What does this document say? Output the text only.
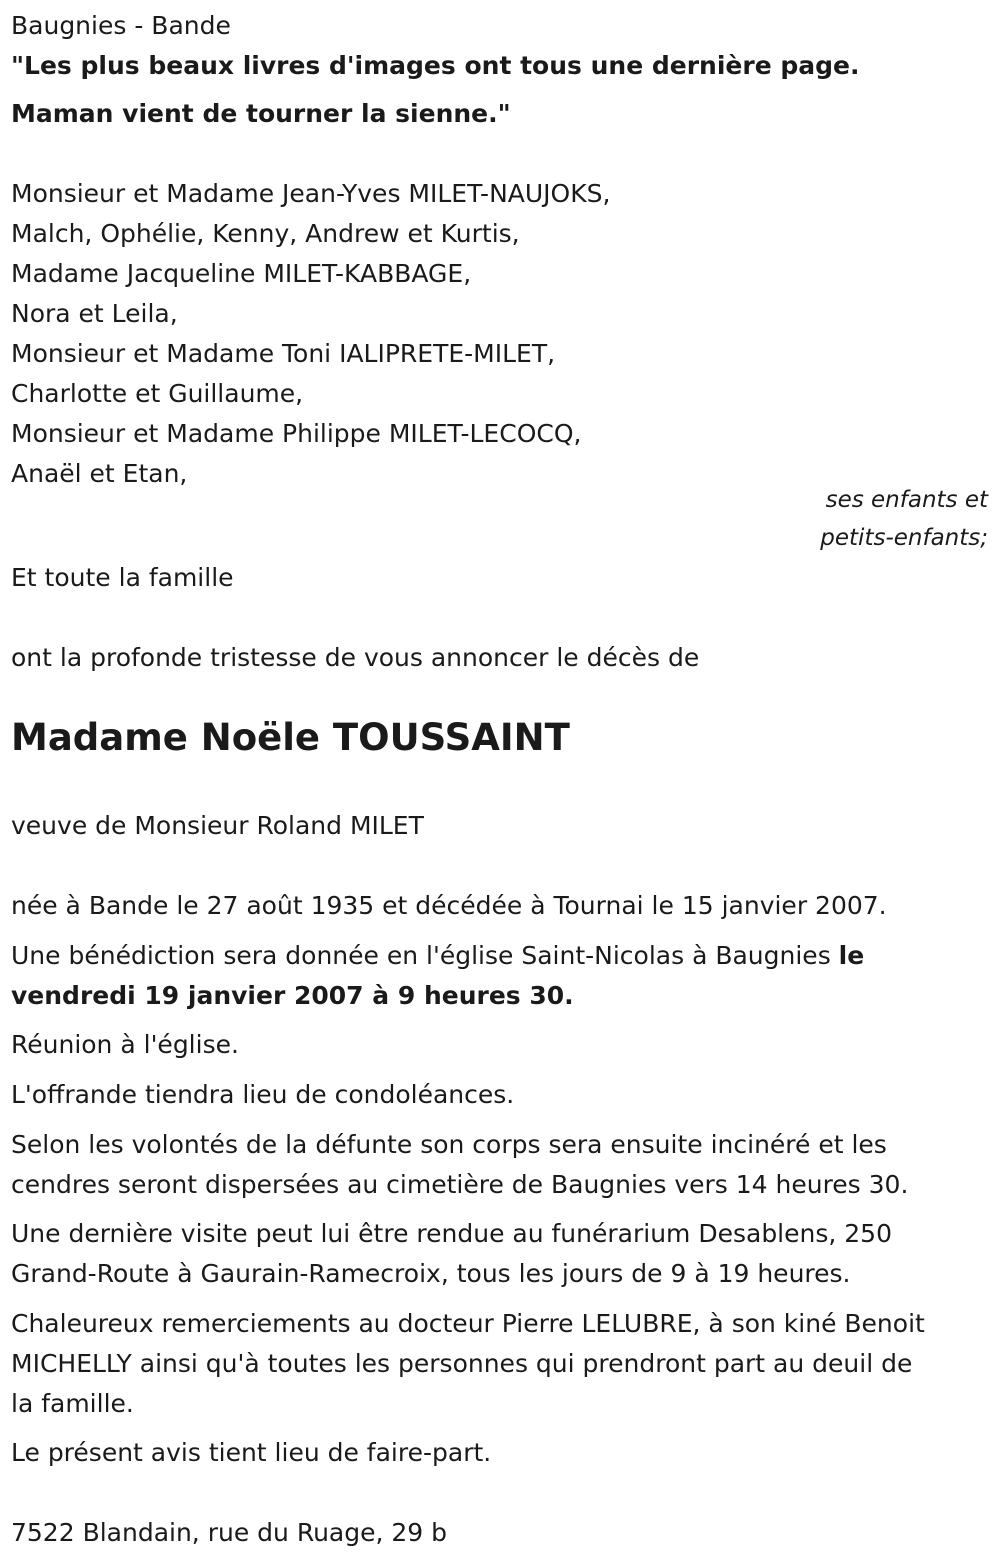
Baugnies - Bande
"Les plus beaux livres d'images ont tous une dernière page.
Maman vient de tourner la sienne."
Monsieur et Madame Jean-Yves MILET-NAUJOKS,
Malch, Ophélie, Kenny, Andrew et Kurtis,
Madame Jacqueline MILET-KABBAGE,
Nora et Leila,
Monsieur et Madame Toni IALIPRETE-MILET,
Charlotte et Guillaume,
Monsieur et Madame Philippe MILET-LECOCQ,
Anaël et Etan,
ses enfants et
petits-enfants;
Et toute la famille
ont la profonde tristesse de vous annoncer le décès de
Madame Noële TOUSSAINT
veuve de Monsieur Roland MILET
née à Bande le 27 août 1935 et décédée à Tournai le 15 janvier 2007.
Une bénédiction sera donnée en l'église Saint-Nicolas à Baugnies le
vendredi 19 janvier 2007 à 9 heures 30.
Réunion à l'église.
L'offrande tiendra lieu de condoléances.
Selon les volontés de la défunte son corps sera ensuite incinéré et les
cendres seront dispersées au cimetière de Baugnies vers 14 heures 30.
Une dernière visite peut lui être rendue au funérarium Desablens, 250
Grand-Route à Gaurain-Ramecroix, tous les jours de 9 à 19 heures.
Chaleureux remerciements au docteur Pierre LELUBRE, à son kiné Benoit
MICHELLY ainsi qu'à toutes les personnes qui prendront part au deuil de
la famille.
Le présent avis tient lieu de faire-part.
7522 Blandain, rue du Ruage, 29 b
